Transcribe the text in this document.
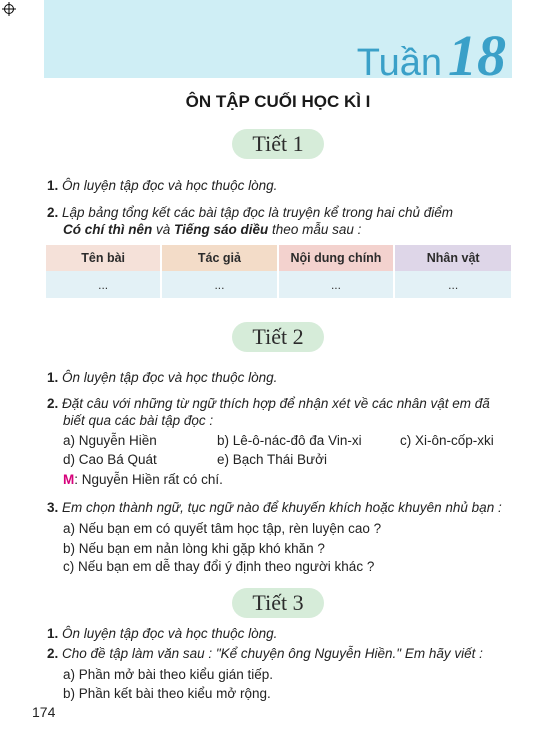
Tuần 18
ÔN TẬP CUỐI HỌC KÌ I
Tiết 1
1. Ôn luyện tập đọc và học thuộc lòng.
2. Lập bảng tổng kết các bài tập đọc là truyện kể trong hai chủ điểm
Có chí thì nên và Tiếng sáo diều theo mẫu sau :
Tên bài	Tác giả	Nội dung chính	Nhân vật
...	...	...	...
Tiết 2
1. Ôn luyện tập đọc và học thuộc lòng.
2. Đặt câu với những từ ngữ thích hợp để nhận xét về các nhân vật em đã
biết qua các bài tập đọc :
a) Nguyễn Hiền	b) Lê-ô-nác-đô đa Vin-xi	c) Xi-ôn-cốp-xki
d) Cao Bá Quát	e) Bạch Thái Bưởi
M: Nguyễn Hiền rất có chí.
3. Em chọn thành ngữ, tục ngữ nào để khuyến khích hoặc khuyên nhủ bạn :
a) Nếu bạn em có quyết tâm học tập, rèn luyện cao ?
b) Nếu bạn em nản lòng khi gặp khó khăn ?
c) Nếu bạn em dễ thay đổi ý định theo người khác ?
Tiết 3
1. Ôn luyện tập đọc và học thuộc lòng.
2. Cho đề tập làm văn sau : "Kể chuyện ông Nguyễn Hiền." Em hãy viết :
a) Phần mở bài theo kiểu gián tiếp.
b) Phần kết bài theo kiểu mở rộng.
174
